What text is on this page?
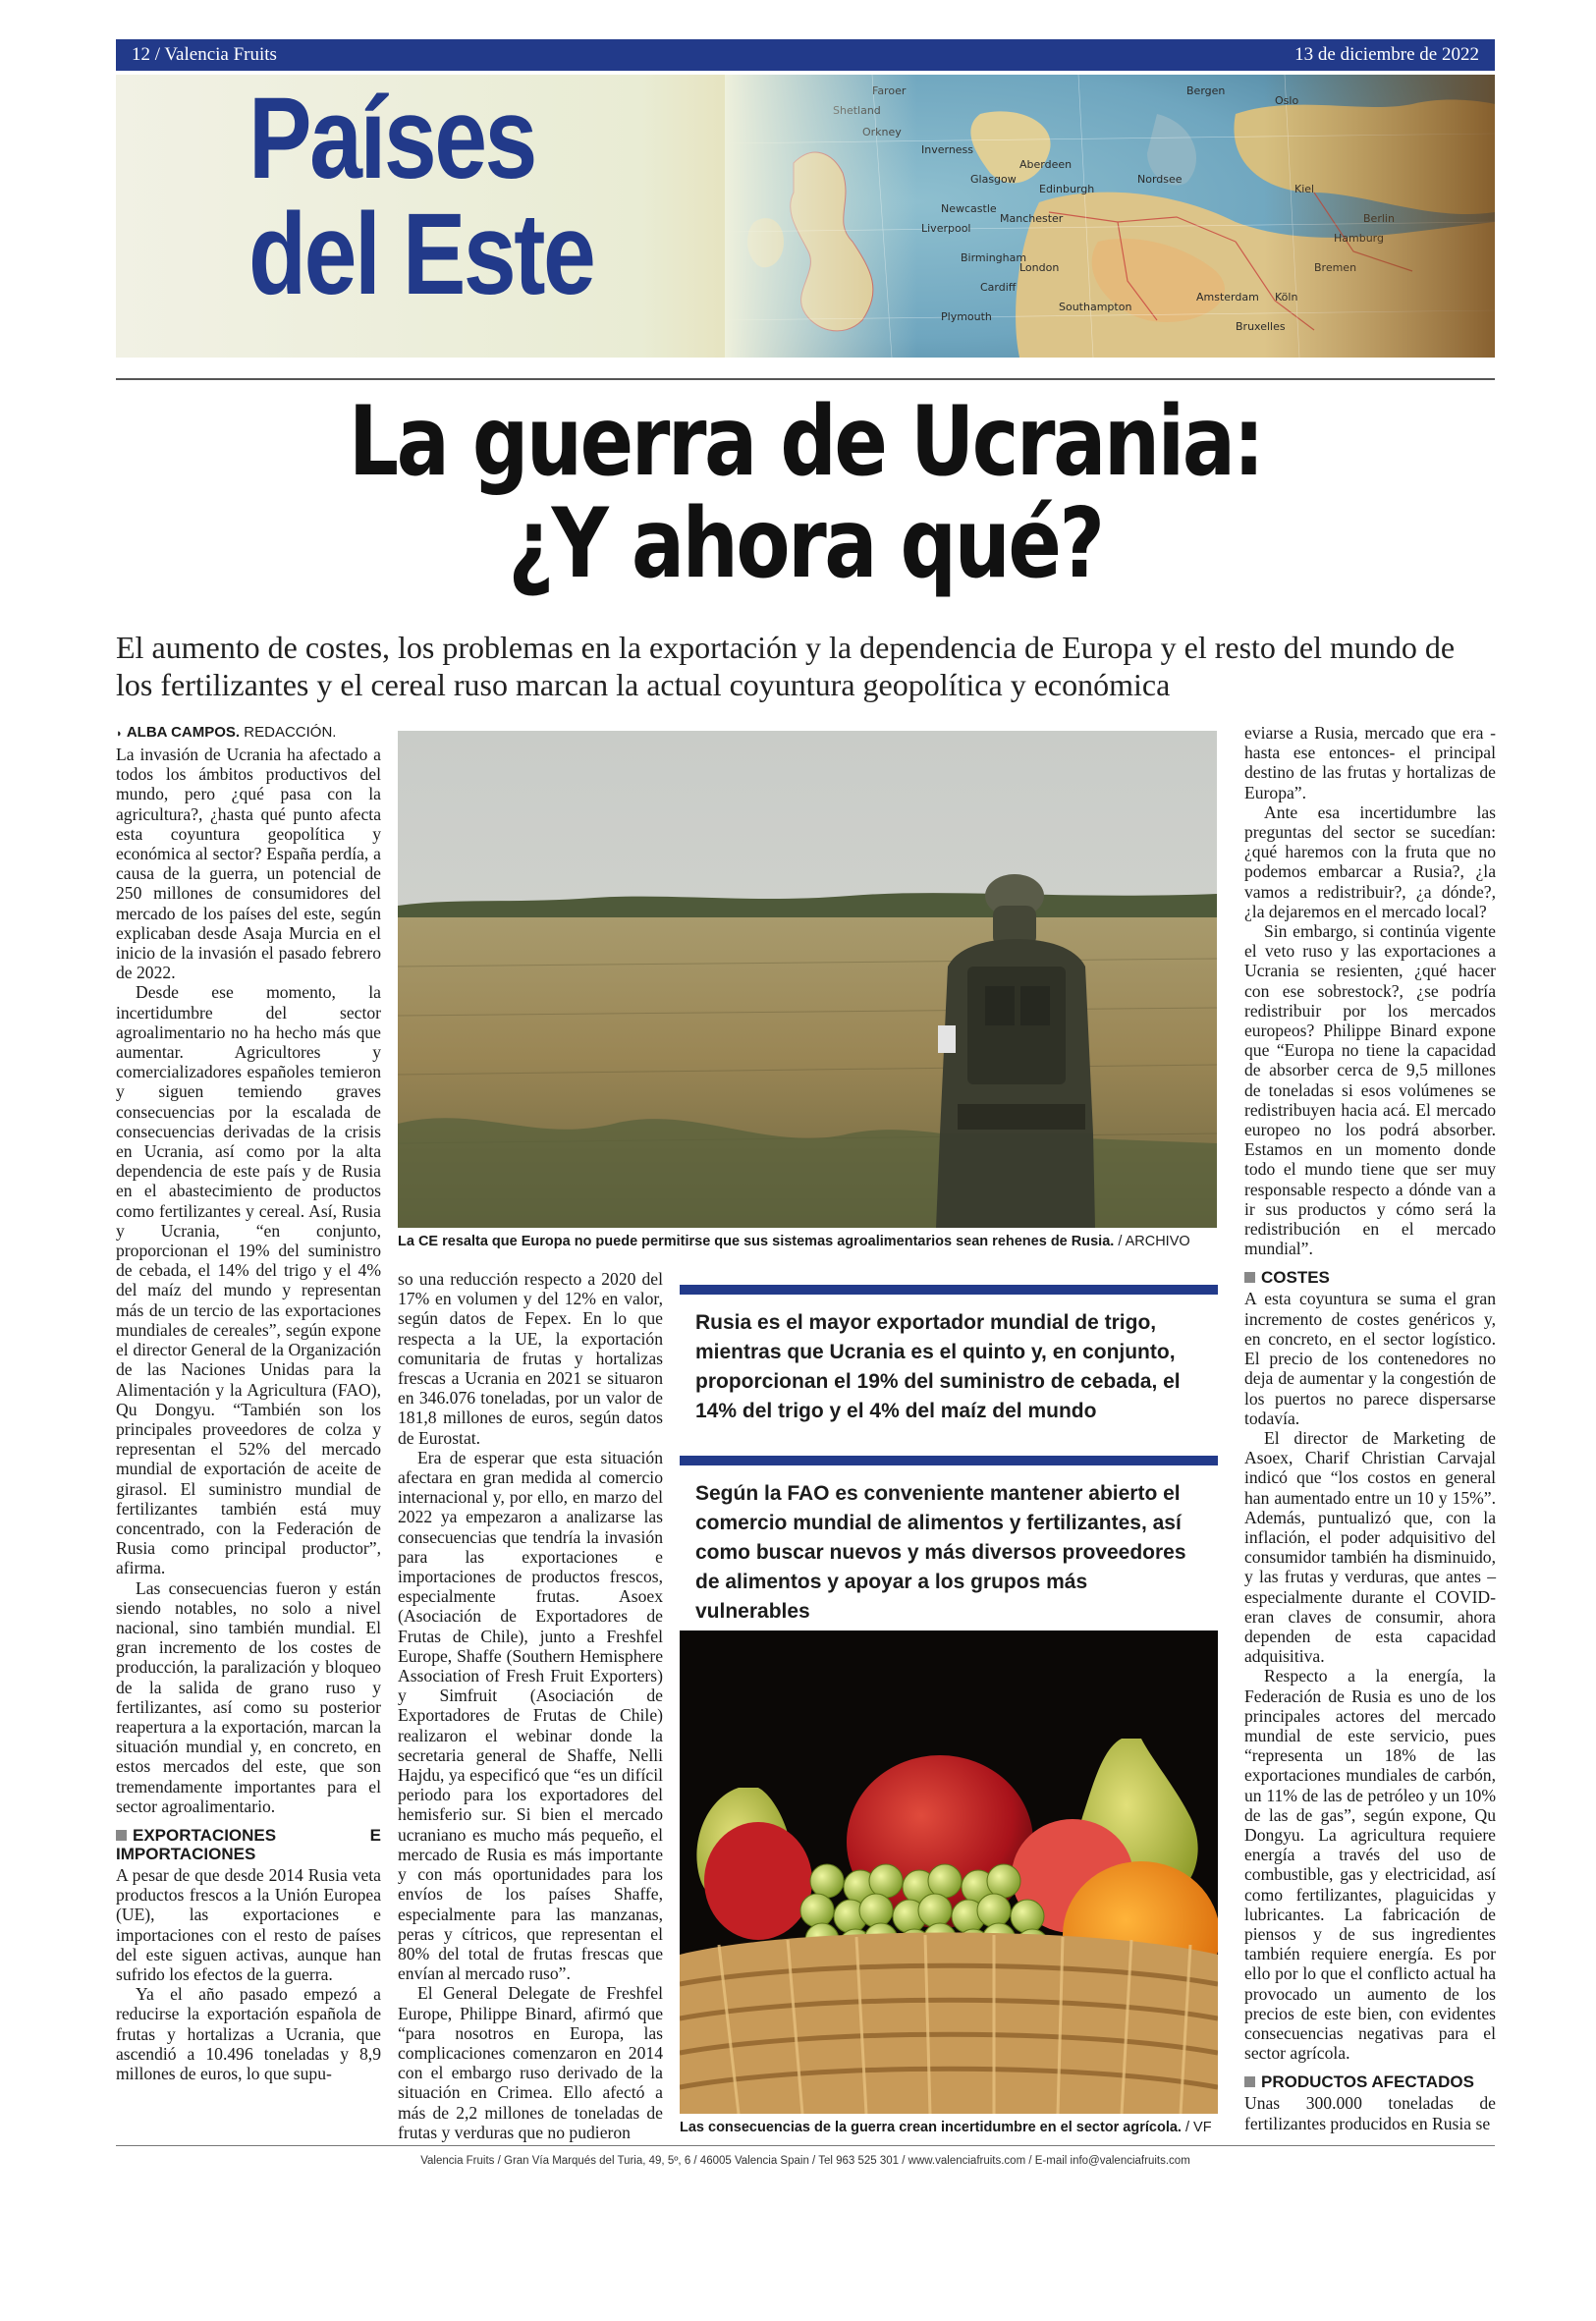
12 / Valencia Fruits	13 de diciembre de 2022
Países
del Este
La guerra de Ucrania:
¿Y ahora qué?
El aumento de costes, los problemas en la exportación y la dependencia de Europa y el resto del mundo de los fertilizantes y el cereal ruso marcan la actual coyuntura geopolítica y económica
◗ ALBA CAMPOS. REDACCIÓN.

La invasión de Ucrania ha afectado a todos los ámbitos productivos del mundo, pero ¿qué pasa con la agricultura?, ¿hasta qué punto afecta esta coyuntura geopolítica y económica al sector? España perdía, a causa de la guerra, un potencial de 250 millones de consumidores del mercado de los países del este, según explicaban desde Asaja Murcia en el inicio de la invasión el pasado febrero de 2022.

Desde ese momento, la incertidumbre del sector agroalimentario no ha hecho más que aumentar. Agricultores y comercializadores españoles temieron y siguen temiendo graves consecuencias por la escalada de consecuencias derivadas de la crisis en Ucrania, así como por la alta dependencia de este país y de Rusia en el abastecimiento de productos como fertilizantes y cereal. Así, Rusia y Ucrania, “en conjunto, proporcionan el 19% del suministro de cebada, el 14% del trigo y el 4% del maíz del mundo y representan más de un tercio de las exportaciones mundiales de cereales”, según expone el director General de la Organización de las Naciones Unidas para la Alimentación y la Agricultura (FAO), Qu Dongyu. “También son los principales proveedores de colza y representan el 52% del mercado mundial de exportación de aceite de girasol. El suministro mundial de fertilizantes también está muy concentrado, con la Federación de Rusia como principal productor”, afirma.

Las consecuencias fueron y están siendo notables, no solo a nivel nacional, sino también mundial. El gran incremento de los costes de producción, la paralización y bloqueo de la salida de grano ruso y fertilizantes, así como su posterior reapertura a la exportación, marcan la situación mundial y, en concreto, en estos mercados del este, que son tremendamente importantes para el sector agroalimentario.

EXPORTACIONES E IMPORTACIONES

A pesar de que desde 2014 Rusia veta productos frescos a la Unión Europea (UE), las exportaciones e importaciones con el resto de países del este siguen activas, aunque han sufrido los efectos de la guerra.

Ya el año pasado empezó a reducirse la exportación española de frutas y hortalizas a Ucrania, que ascendió a 10.496 toneladas y 8,9 millones de euros, lo que supu-

La CE resalta que Europa no puede permitirse que sus sistemas agroalimentarios sean rehenes de Rusia. / ARCHIVO

so una reducción respecto a 2020 del 17% en volumen y del 12% en valor, según datos de Fepex. En lo que respecta a la UE, la exportación comunitaria de frutas y hortalizas frescas a Ucrania en 2021 se situaron en 346.076 toneladas, por un valor de 181,8 millones de euros, según datos de Eurostat.

Era de esperar que esta situación afectara en gran medida al comercio internacional y, por ello, en marzo del 2022 ya empezaron a analizarse las consecuencias que tendría la invasión para las exportaciones e importaciones de productos frescos, especialmente frutas. Asoex (Asociación de Exportadores de Frutas de Chile), junto a Freshfel Europe, Shaffe (Southern Hemisphere Association of Fresh Fruit Exporters) y Simfruit (Asociación de Exportadores de Frutas de Chile) realizaron el webinar donde la secretaria general de Shaffe, Nelli Hajdu, ya especificó que “es un difícil periodo para los exportadores del hemisferio sur. Si bien el mercado ucraniano es mucho más pequeño, el mercado de Rusia es más importante y con más oportunidades para los envíos de los países Shaffe, especialmente para las manzanas, peras y cítricos, que representan el 80% del total de frutas frescas que envían al mercado ruso”.

El General Delegate de Freshfel Europe, Philippe Binard, afirmó que “para nosotros en Europa, las complicaciones comenzaron en 2014 con el embargo ruso derivado de la situación en Crimea. Ello afectó a más de 2,2 millones de toneladas de frutas y verduras que no pudieron

Rusia es el mayor exportador mundial de trigo, mientras que Ucrania es el quinto y, en conjunto, proporcionan el 19% del suministro de cebada, el 14% del trigo y el 4% del maíz del mundo
Según la FAO es conveniente mantener abierto el comercio mundial de alimentos y fertilizantes, así como buscar nuevos y más diversos proveedores de alimentos y apoyar a los grupos más vulnerables
Las consecuencias de la guerra crean incertidumbre en el sector agrícola. / VF

eviarse a Rusia, mercado que era -hasta ese entonces- el principal destino de las frutas y hortalizas de Europa”.

Ante esa incertidumbre las preguntas del sector se sucedían: ¿qué haremos con la fruta que no podemos embarcar a Rusia?, ¿la vamos a redistribuir?, ¿a dónde?, ¿la dejaremos en el mercado local?

Sin embargo, si continúa vigente el veto ruso y las exportaciones a Ucrania se resienten, ¿qué hacer con ese sobrestock?, ¿se podría redistribuir por los mercados europeos? Philippe Binard expone que “Europa no tiene la capacidad de absorber cerca de 9,5 millones de toneladas si esos volúmenes se redistribuyen hacia acá. El mercado europeo no los podrá absorber. Estamos en un momento donde todo el mundo tiene que ser muy responsable respecto a dónde van a ir sus productos y cómo será la redistribución en el mercado mundial”.

COSTES

A esta coyuntura se suma el gran incremento de costes genéricos y, en concreto, en el sector logístico. El precio de los contenedores no deja de aumentar y la congestión de los puertos no parece dispersarse todavía.

El director de Marketing de Asoex, Charif Christian Carvajal indicó que “los costos en general han aumentado entre un 10 y 15%”. Además, puntualizó que, con la inflación, el poder adquisitivo del consumidor también ha disminuido, y las frutas y verduras, que antes – especialmente durante el COVID- eran claves de consumir, ahora dependen de esta capacidad adquisitiva.

Respecto a la energía, la Federación de Rusia es uno de los principales actores del mercado mundial de este servicio, pues “representa un 18% de las exportaciones mundiales de carbón, un 11% de las de petróleo y un 10% de las de gas”, según expone, Qu Dongyu. La agricultura requiere energía a través del uso de combustible, gas y electricidad, así como fertilizantes, plaguicidas y lubricantes. La fabricación de piensos y de sus ingredientes también requiere energía. Es por ello por lo que el conflicto actual ha provocado un aumento de los precios de este bien, con evidentes consecuencias negativas para el sector agrícola.

PRODUCTOS AFECTADOS

Unas 300.000 toneladas de fertilizantes producidos en Rusia se

Valencia Fruits / Gran Vía Marqués del Turia, 49, 5º, 6 / 46005 Valencia Spain / Tel 963 525 301 / www.valenciafruits.com / E-mail info@valenciafruits.com
